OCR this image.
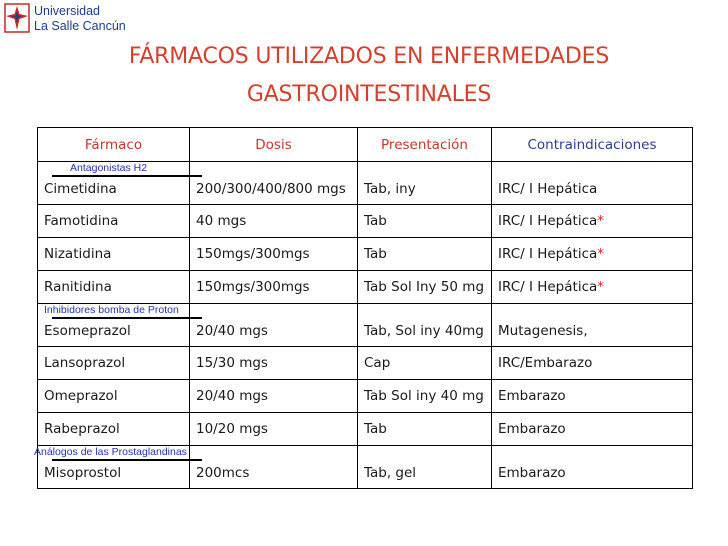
Universidad
La Salle Cancún
FÁRMACOS UTILIZADOS EN ENFERMEDADES
GASTROINTESTINALES
Fármaco	Dosis	Presentación	Contraindicaciones

Antagonistas H2
Cimetidina	200/300/400/800 mgs	Tab, iny	IRC/ I Hepática
Famotidina	40 mgs	Tab	IRC/ I Hepática*
Nizatidina	150mgs/300mgs	Tab	IRC/ I Hepática*
Ranitidina	150mgs/300mgs	Tab Sol Iny 50 mg	IRC/ I Hepática*

Inhibidores bomba de Proton
Esomeprazol	20/40 mgs	Tab, Sol iny 40mg	Mutagenesis,
Lansoprazol	15/30 mgs	Cap	IRC/Embarazo
Omeprazol	20/40 mgs	Tab Sol iny 40 mg	Embarazo
Rabeprazol	10/20 mgs	Tab	Embarazo

Análogos de las Prostaglandinas
Misoprostol	200mcs	Tab, gel	Embarazo
